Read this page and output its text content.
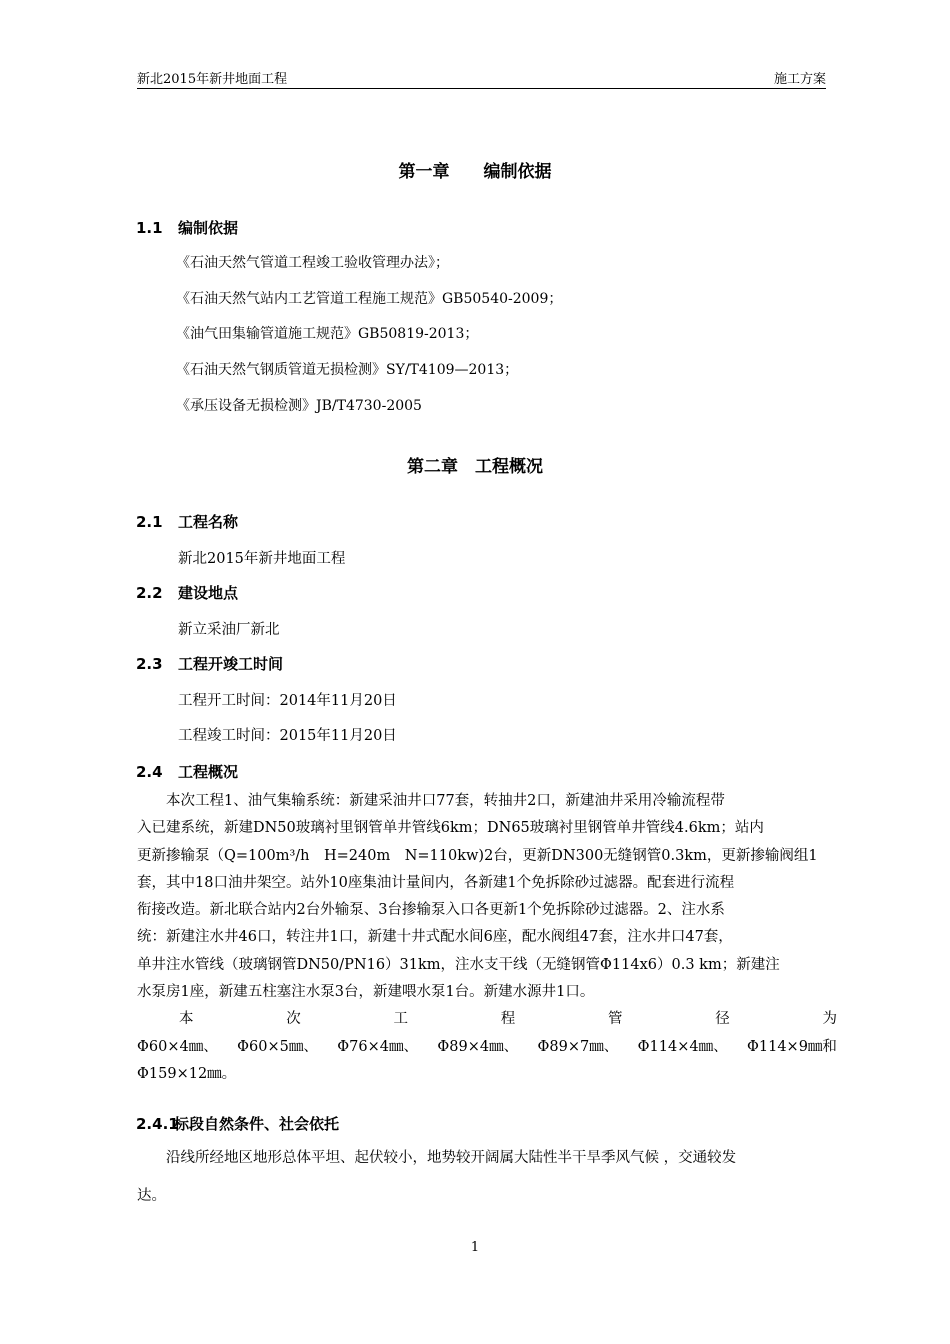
新北2015年新井地面工程	施工方案
第一章　　编制依据
1.1 编制依据
《石油天然气管道工程竣工验收管理办法》；
《石油天然气站内工艺管道工程施工规范》GB50540-2009；
《油气田集输管道施工规范》GB50819-2013；
《石油天然气钢质管道无损检测》SY/T4109—2013；
《承压设备无损检测》JB/T4730-2005
第二章　工程概况
2.1 工程名称
新北2015年新井地面工程
2.2 建设地点
新立采油厂新北
2.3 工程开竣工时间
工程开工时间：2014年11月20日
工程竣工时间：2015年11月20日
2.4 工程概况
　　本次工程1、油气集输系统：新建采油井口77套，转抽井2口，新建油井采用冷输流程带
入已建系统，新建DN50玻璃衬里钢管单井管线6km；DN65玻璃衬里钢管单井管线4.6km；站内
更新掺输泵（Q=100m³/h　H=240m　N=110kw)2台，更新DN300无缝钢管0.3km，更新掺输阀组1
套，其中18口油井架空。站外10座集油计量间内，各新建1个免拆除砂过滤器。配套进行流程
衔接改造。新北联合站内2台外输泵、3台掺输泵入口各更新1个免拆除砂过滤器。2、注水系
统：新建注水井46口，转注井1口，新建十井式配水间6座，配水阀组47套，注水井口47套，
单井注水管线（玻璃钢管DN50/PN16）31km，注水支干线（无缝钢管Φ114x6）0.3 km；新建注
水泵房1座，新建五柱塞注水泵3台，新建喂水泵1台。新建水源井1口。
本	次	工	程	管	径	为
Φ60×4㎜、 Φ60×5㎜、 Φ76×4㎜、 Φ89×4㎜、 Φ89×7㎜、 Φ114×4㎜、 Φ114×9㎜和
Φ159×12㎜。
2.4.1标段自然条件、社会依托
　　沿线所经地区地形总体平坦、起伏较小，地势较开阔属大陆性半干旱季风气候 ，交通较发
达。
1
